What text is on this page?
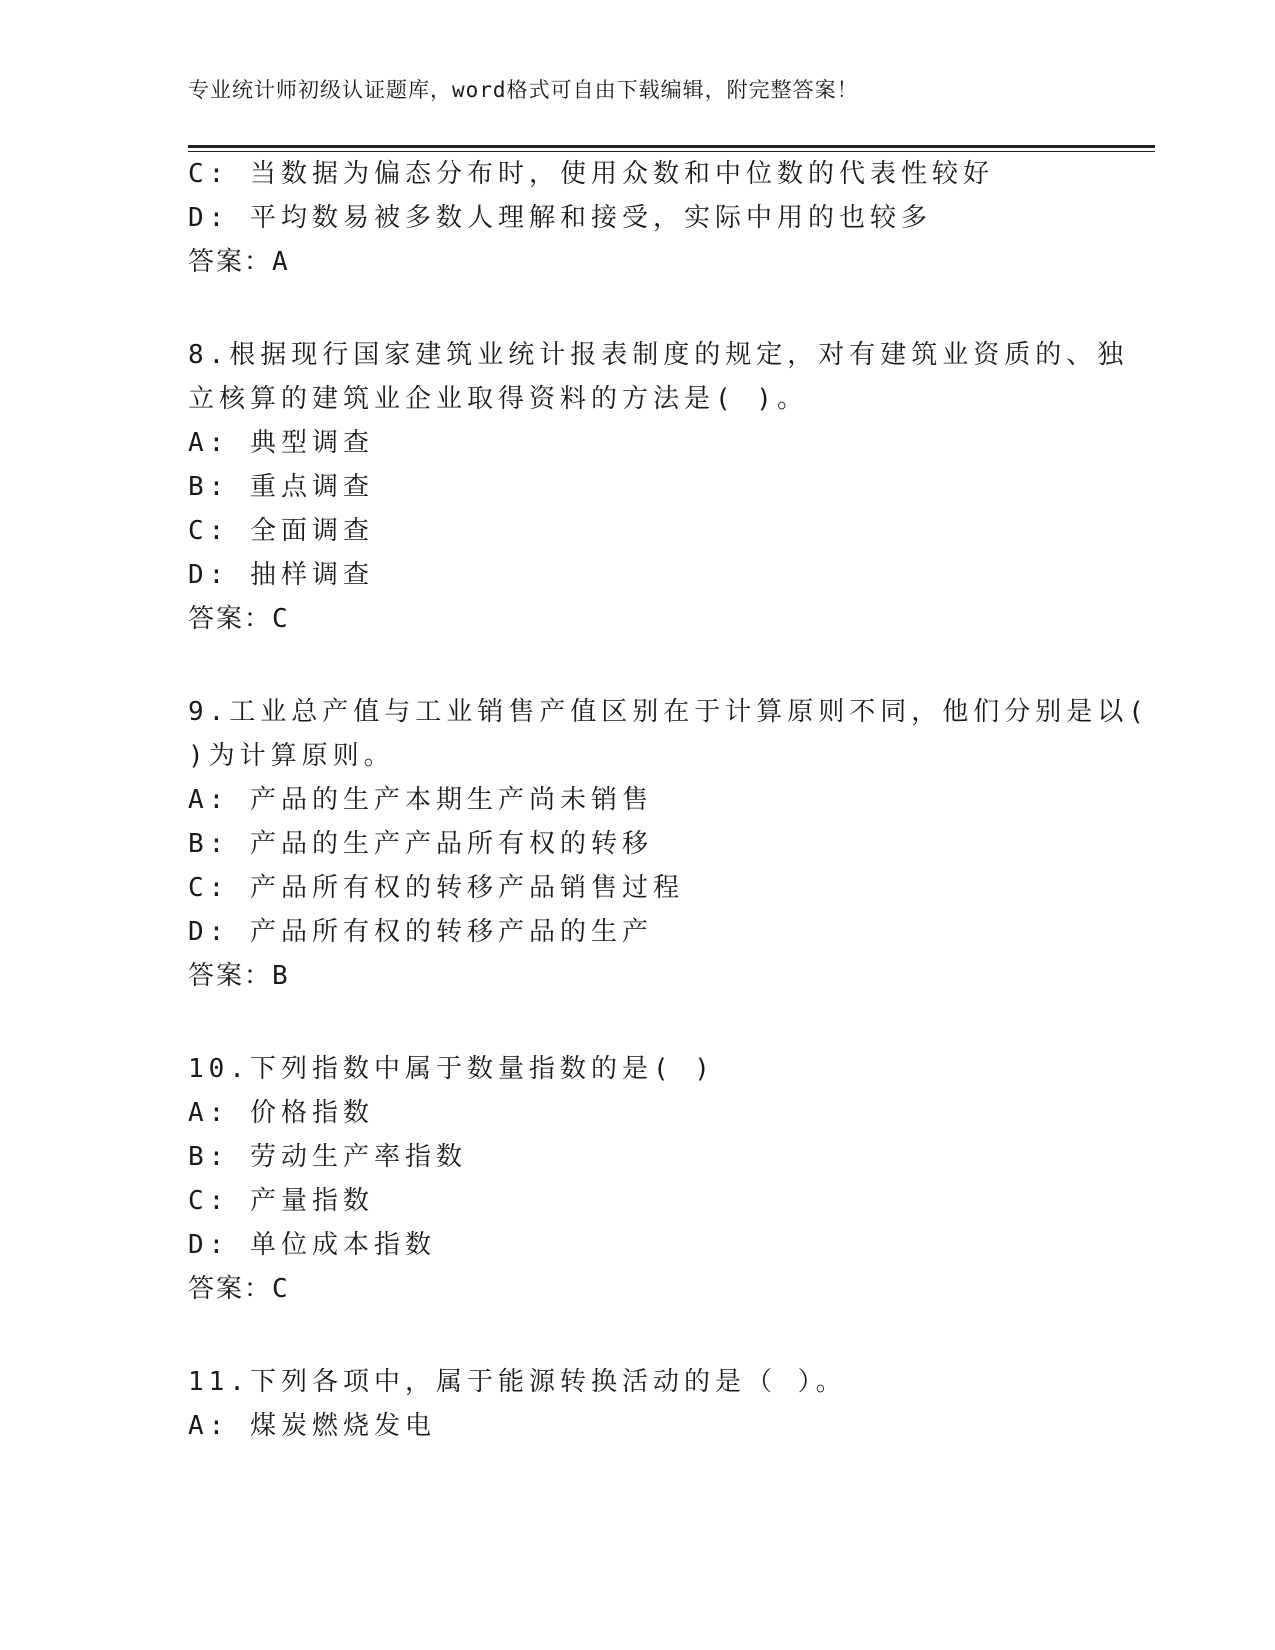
专业统计师初级认证题库，word格式可自由下载编辑，附完整答案！
C: 当数据为偏态分布时，使用众数和中位数的代表性较好
D: 平均数易被多数人理解和接受，实际中用的也较多
答案：A
8.根据现行国家建筑业统计报表制度的规定，对有建筑业资质的、独
立核算的建筑业企业取得资料的方法是( )。
A: 典型调查
B: 重点调查
C: 全面调查
D: 抽样调查
答案：C
9.工业总产值与工业销售产值区别在于计算原则不同，他们分别是以(
)为计算原则。
A: 产品的生产本期生产尚未销售
B: 产品的生产产品所有权的转移
C: 产品所有权的转移产品销售过程
D: 产品所有权的转移产品的生产
答案：B
10.下列指数中属于数量指数的是( )
A: 价格指数
B: 劳动生产率指数
C: 产量指数
D: 单位成本指数
答案：C
11.下列各项中，属于能源转换活动的是（ ）。
A: 煤炭燃烧发电
